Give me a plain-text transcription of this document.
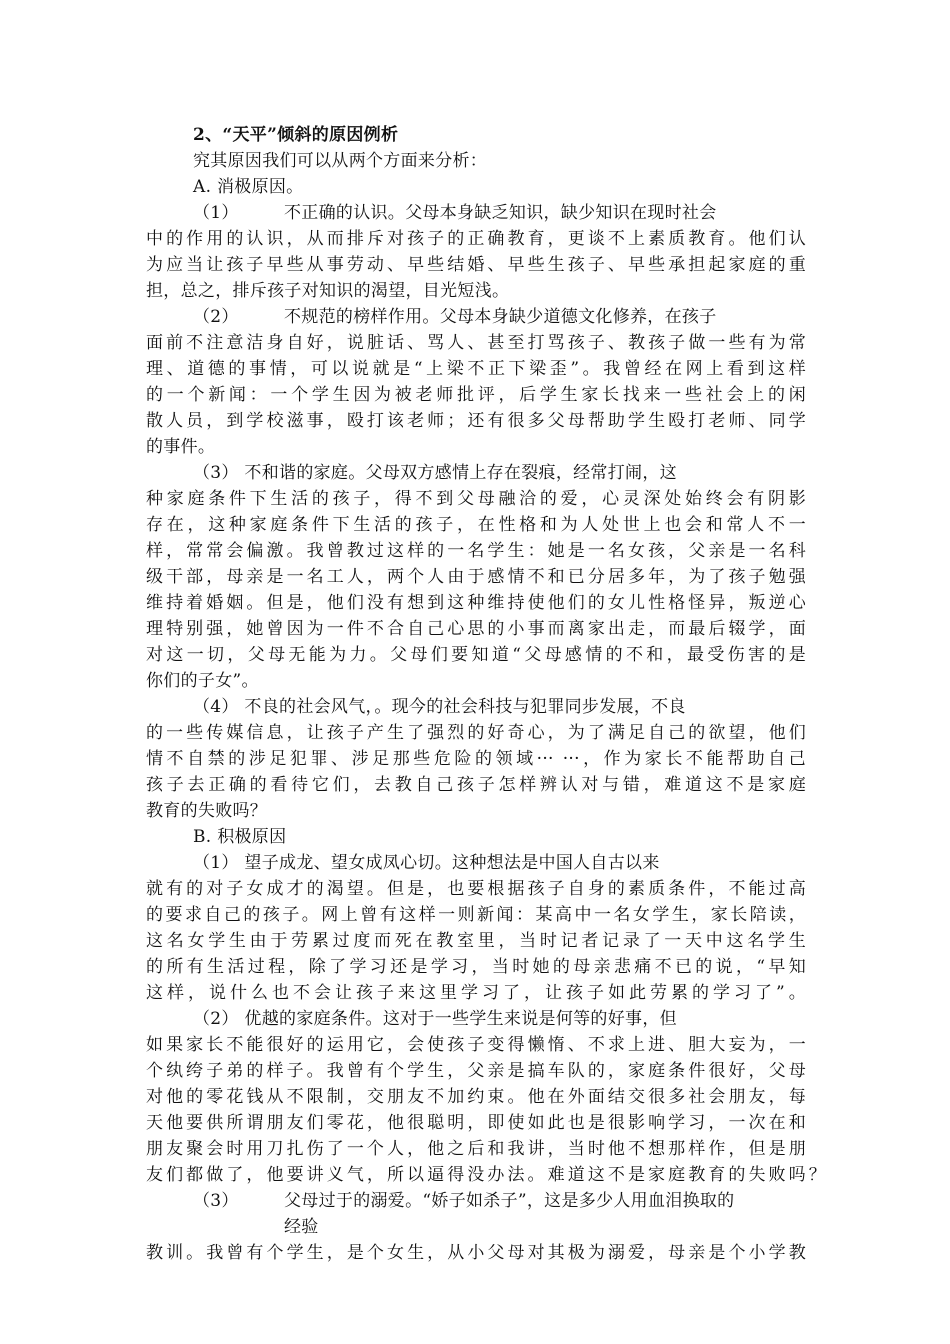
2、“天平”倾斜的原因例析
究其原因我们可以从两个方面来分析：
A. 消极原因。
（1）	不正确的认识。父母本身缺乏知识，缺少知识在现时社会
中的作用的认识，从而排斥对孩子的正确教育，更谈不上素质教育。他们认
为应当让孩子早些从事劳动、早些结婚、早些生孩子、早些承担起家庭的重
担，总之，排斥孩子对知识的渴望，目光短浅。
（2）	不规范的榜样作用。父母本身缺少道德文化修养，在孩子
面前不注意洁身自好，说脏话、骂人、甚至打骂孩子、教孩子做一些有为常
理、道德的事情，可以说就是“上梁不正下梁歪”。我曾经在网上看到这样
的一个新闻：一个学生因为被老师批评，后学生家长找来一些社会上的闲
散人员，到学校滋事，殴打该老师；还有很多父母帮助学生殴打老师、同学
的事件。
（3） 不和谐的家庭。父母双方感情上存在裂痕，经常打闹，这
种家庭条件下生活的孩子，得不到父母融洽的爱，心灵深处始终会有阴影
存在，这种家庭条件下生活的孩子，在性格和为人处世上也会和常人不一
样，常常会偏激。我曾教过这样的一名学生：她是一名女孩，父亲是一名科
级干部，母亲是一名工人，两个人由于感情不和已分居多年，为了孩子勉强
维持着婚姻。但是，他们没有想到这种维持使他们的女儿性格怪异，叛逆心
理特别强，她曾因为一件不合自己心思的小事而离家出走，而最后辍学，面
对这一切，父母无能为力。父母们要知道“父母感情的不和，最受伤害的是
你们的子女”。
（4） 不良的社会风气，。现今的社会科技与犯罪同步发展，不良
的一些传媒信息，让孩子产生了强烈的好奇心，为了满足自己的欲望，他们
情不自禁的涉足犯罪、涉足那些危险的领域··· ···，作为家长不能帮助自己
孩子去正确的看待它们，去教自己孩子怎样辨认对与错，难道这不是家庭
教育的失败吗？
B. 积极原因
（1） 望子成龙、望女成凤心切。这种想法是中国人自古以来
就有的对子女成才的渴望。但是，也要根据孩子自身的素质条件，不能过高
的要求自己的孩子。网上曾有这样一则新闻：某高中一名女学生，家长陪读，
这名女学生由于劳累过度而死在教室里，当时记者记录了一天中这名学生
的所有生活过程，除了学习还是学习，当时她的母亲悲痛不已的说，“早知
这样，说什么也不会让孩子来这里学习了，让孩子如此劳累的学习了”。
（2） 优越的家庭条件。这对于一些学生来说是何等的好事，但
如果家长不能很好的运用它，会使孩子变得懒惰、不求上进、胆大妄为，一
个纨绔子弟的样子。我曾有个学生，父亲是搞车队的，家庭条件很好，父母
对他的零花钱从不限制，交朋友不加约束。他在外面结交很多社会朋友，每
天他要供所谓朋友们零花，他很聪明，即使如此也是很影响学习，一次在和
朋友聚会时用刀扎伤了一个人，他之后和我讲，当时他不想那样作，但是朋
友们都做了，他要讲义气，所以逼得没办法。难道这不是家庭教育的失败吗？
（3）	父母过于的溺爱。“娇子如杀子”，这是多少人用血泪换取的
经验
教训。我曾有个学生，是个女生，从小父母对其极为溺爱，母亲是个小学教
